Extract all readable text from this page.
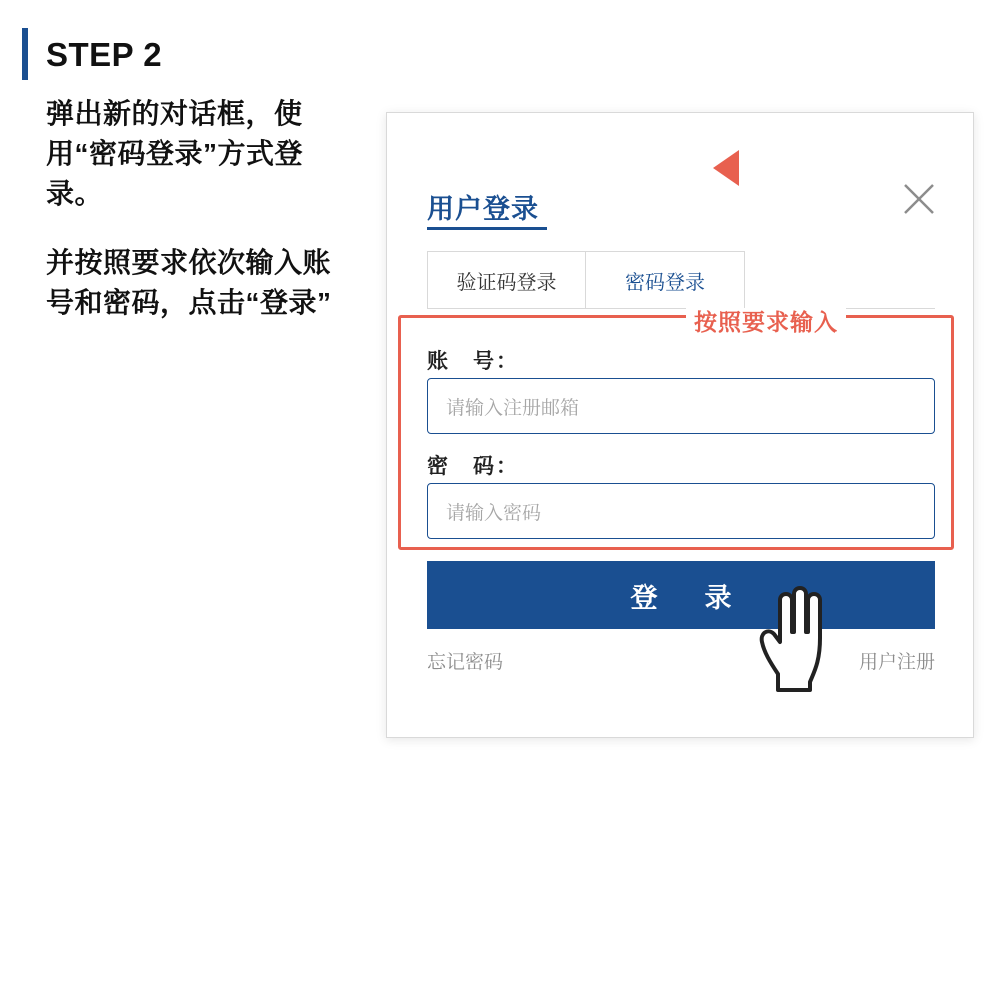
STEP 2

弹出新的对话框，使用“密码登录”方式登录。

并按照要求依次输入账号和密码，点击“登录”

用户登录
验证码登录	密码登录
账　号：
请输入注册邮箱
密　码：
请输入密码
登　录
忘记密码	用户注册
按照要求输入
